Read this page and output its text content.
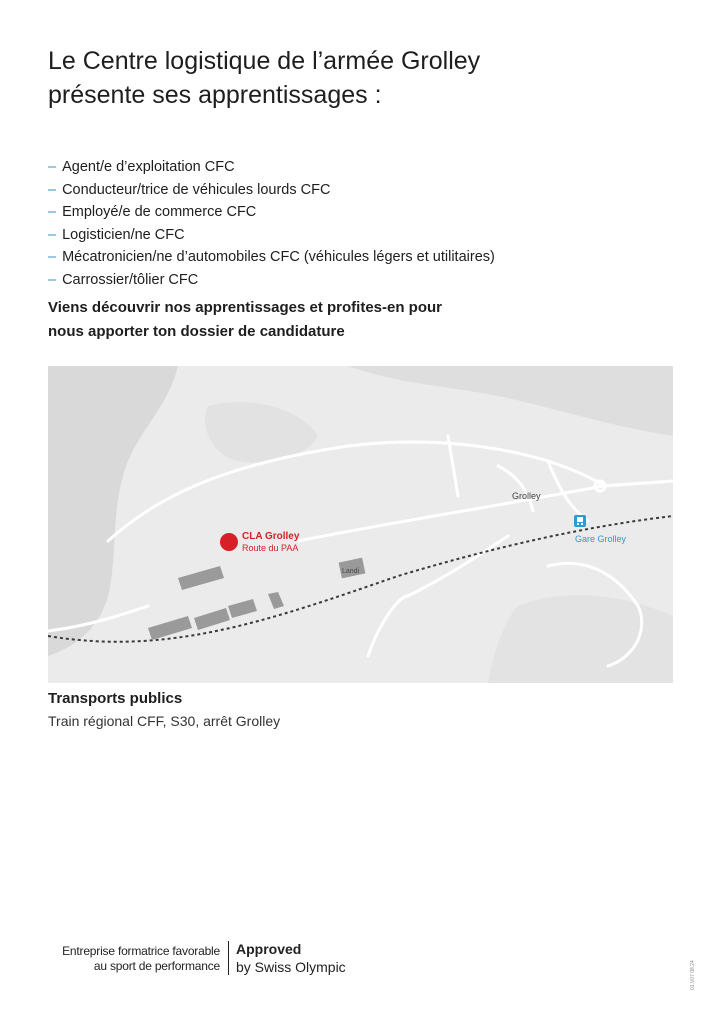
Le Centre logistique de l’armée Grolley
présente ses apprentissages :
– Agent/e d’exploitation CFC
– Conducteur/trice de véhicules lourds CFC
– Employé/e de commerce CFC
– Logisticien/ne CFC
– Mécatronicien/ne d’automobiles CFC (véhicules légers et utilitaires)
– Carrossier/tôlier CFC
Viens découvrir nos apprentissages et profites-en pour
nous apporter ton dossier de candidature
CLA Grolley
Route du PAA
Grolley
Landi
Gare Grolley
Transports publics
Train régional CFF, S30, arrêt Grolley
Entreprise formatrice favorable
au sport de performance
Approved
by Swiss Olympic	01.V07 08.24
